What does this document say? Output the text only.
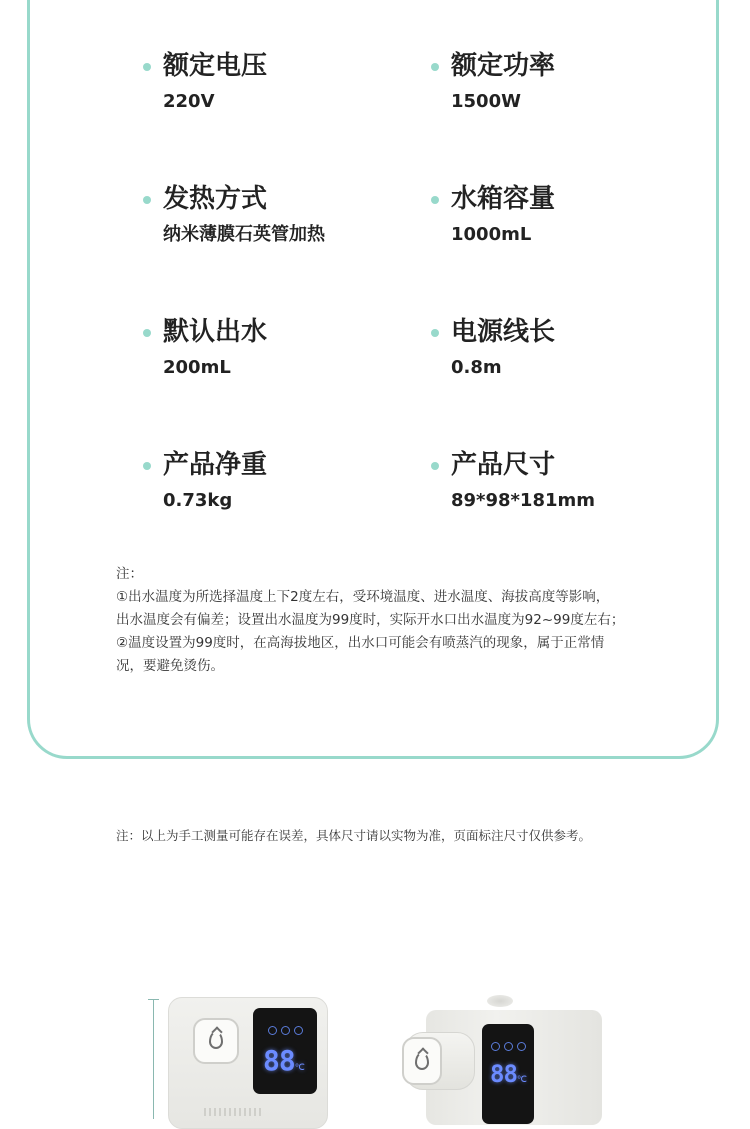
额定电压
220V
额定功率
1500W
发热方式
纳米薄膜石英管加热
水箱容量
1000mL
默认出水
200mL
电源线长
0.8m
产品净重
0.73kg
产品尺寸
89*98*181mm
注：
①出水温度为所选择温度上下2度左右，受环境温度、进水温度、海拔高度等影响，
出水温度会有偏差；设置出水温度为99度时，实际开水口出水温度为92~99度左右；
②温度设置为99度时，在高海拔地区，出水口可能会有喷蒸汽的现象，属于正常情
况，要避免烫伤。
注：以上为手工测量可能存在误差，具体尺寸请以实物为准，页面标注尺寸仅供参考。
88℃	88℃
